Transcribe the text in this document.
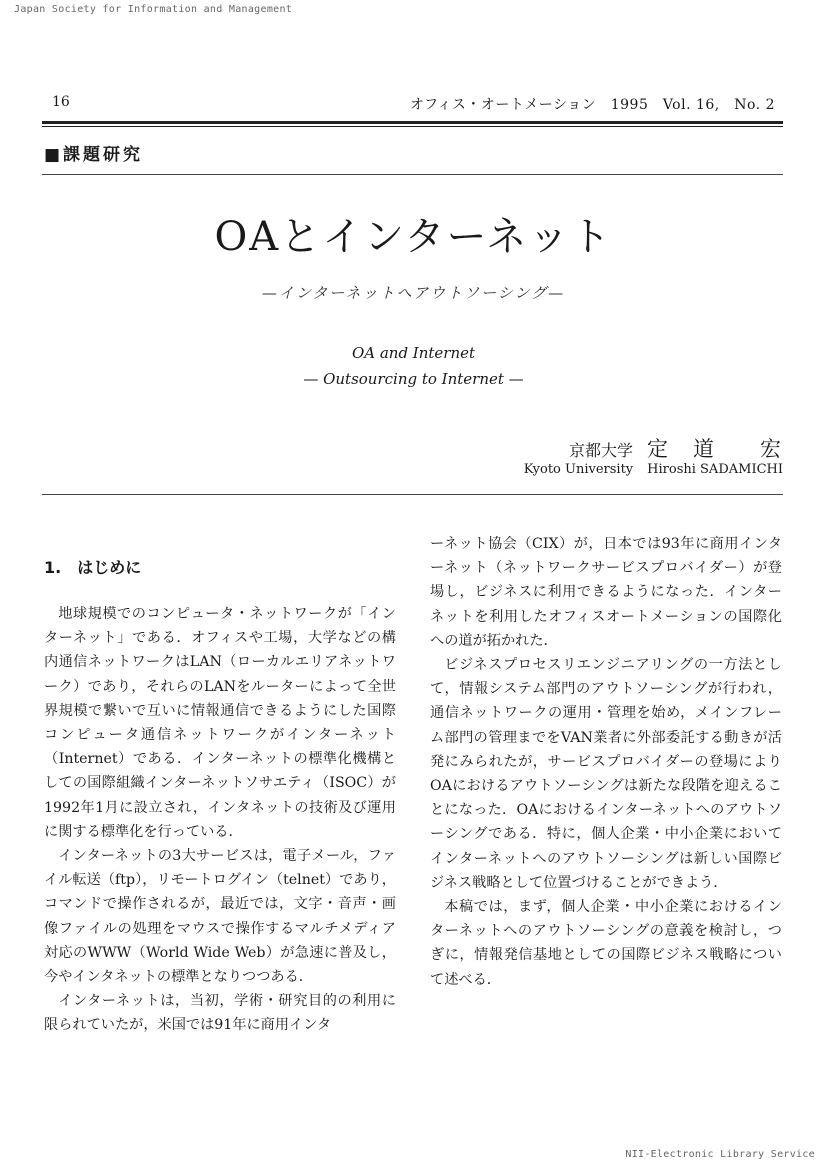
Japan Society for Information and Management
16	オフィス・オートメーション　1995　Vol. 16,　No. 2
■課題研究
OAとインターネット
—インターネットへアウトソーシング—
OA and Internet
— Outsourcing to Internet —
京都大学 定　道 宏
Kyoto University Hiroshi SADAMICHI
1.　はじめに

地球規模でのコンピュータ・ネットワークが「インターネット」である．オフィスや工場，大学などの構内通信ネットワークはLAN（ローカルエリアネットワーク）であり，それらのLANをルーターによって全世界規模で繋いで互いに情報通信できるようにした国際コンピュータ通信ネットワークがインターネット（Internet）である．インターネットの標準化機構としての国際組織インターネットソサエティ（ISOC）が1992年1月に設立され，インタネットの技術及び運用に関する標準化を行っている．

インターネットの3大サービスは，電子メール，ファイル転送（ftp），リモートログイン（telnet）であり，コマンドで操作されるが，最近では，文字・音声・画像ファイルの処理をマウスで操作するマルチメディア対応のWWW（World Wide Web）が急速に普及し，今やインタネットの標準となりつつある．

インターネットは，当初，学術・研究目的の利用に限られていたが，米国では91年に商用インタ

ーネット協会（CIX）が，日本では93年に商用インターネット（ネットワークサービスプロバイダー）が登場し，ビジネスに利用できるようになった．インターネットを利用したオフィスオートメーションの国際化への道が拓かれた．

ビジネスプロセスリエンジニアリングの一方法として，情報システム部門のアウトソーシングが行われ，通信ネットワークの運用・管理を始め，メインフレーム部門の管理までをVAN業者に外部委託する動きが活発にみられたが，サービスプロバイダーの登場によりOAにおけるアウトソーシングは新たな段階を迎えることになった．OAにおけるインターネットへのアウトソーシングである．特に，個人企業・中小企業においてインターネットへのアウトソーシングは新しい国際ビジネス戦略として位置づけることができよう．

本稿では，まず，個人企業・中小企業におけるインターネットへのアウトソーシングの意義を検討し，つぎに，情報発信基地としての国際ビジネス戦略について述べる．

NII-Electronic Library Service
